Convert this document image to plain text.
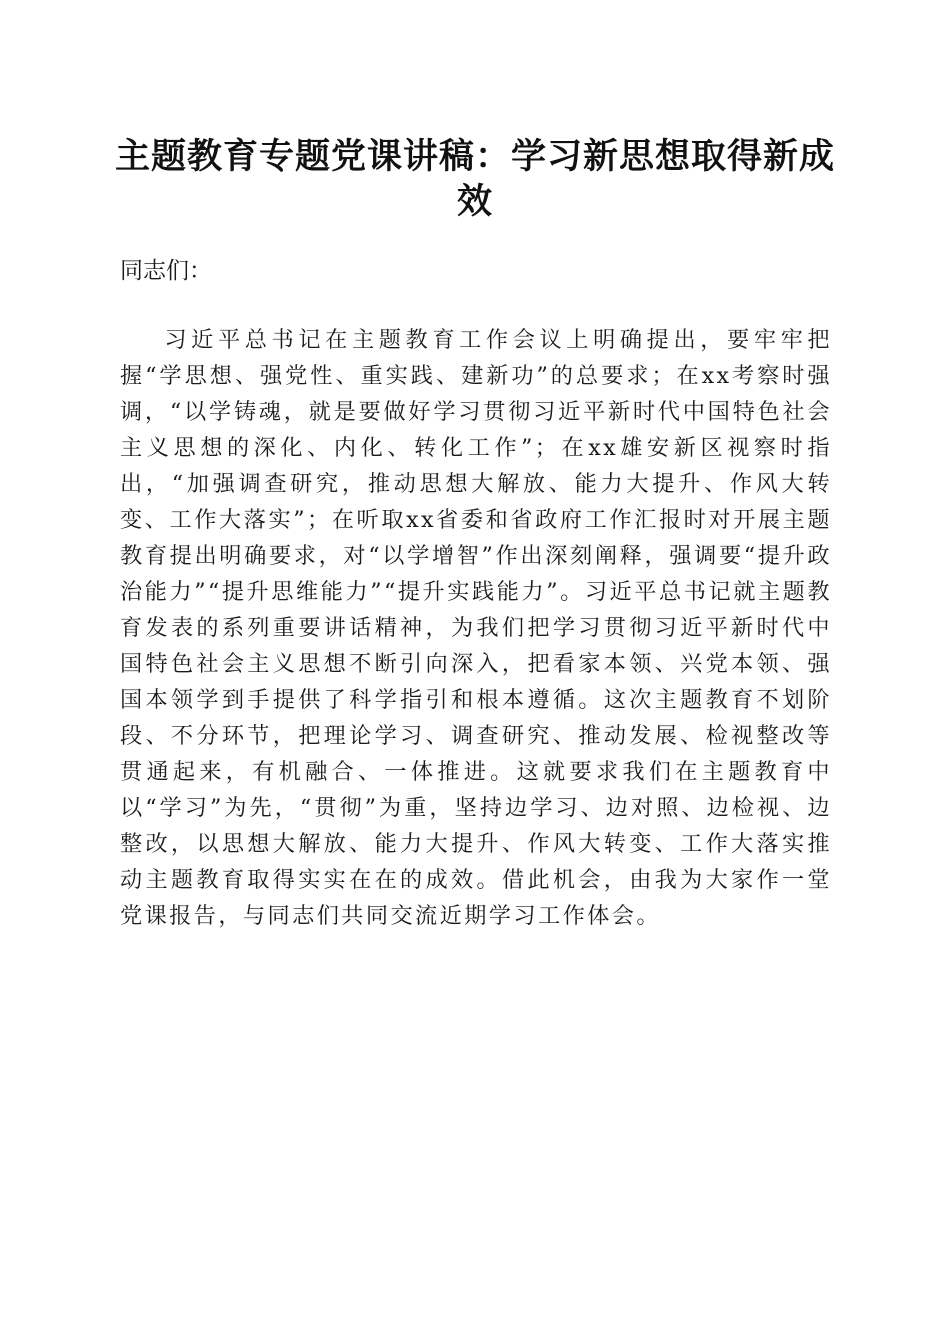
主题教育专题党课讲稿：学习新思想取得新成效

同志们：

习近平总书记在主题教育工作会议上明确提出，要牢牢把握“学思想、强党性、重实践、建新功”的总要求；在xx考察时强调，“以学铸魂，就是要做好学习贯彻习近平新时代中国特色社会主义思想的深化、内化、转化工作”；在xx雄安新区视察时指出，“加强调查研究，推动思想大解放、能力大提升、作风大转变、工作大落实”；在听取xx省委和省政府工作汇报时对开展主题教育提出明确要求，对“以学增智”作出深刻阐释，强调要“提升政治能力”“提升思维能力”“提升实践能力”。习近平总书记就主题教育发表的系列重要讲话精神，为我们把学习贯彻习近平新时代中国特色社会主义思想不断引向深入，把看家本领、兴党本领、强国本领学到手提供了科学指引和根本遵循。这次主题教育不划阶段、不分环节，把理论学习、调查研究、推动发展、检视整改等贯通起来，有机融合、一体推进。这就要求我们在主题教育中以“学习”为先，“贯彻”为重，坚持边学习、边对照、边检视、边整改，以思想大解放、能力大提升、作风大转变、工作大落实推动主题教育取得实实在在的成效。借此机会，由我为大家作一堂党课报告，与同志们共同交流近期学习工作体会。
